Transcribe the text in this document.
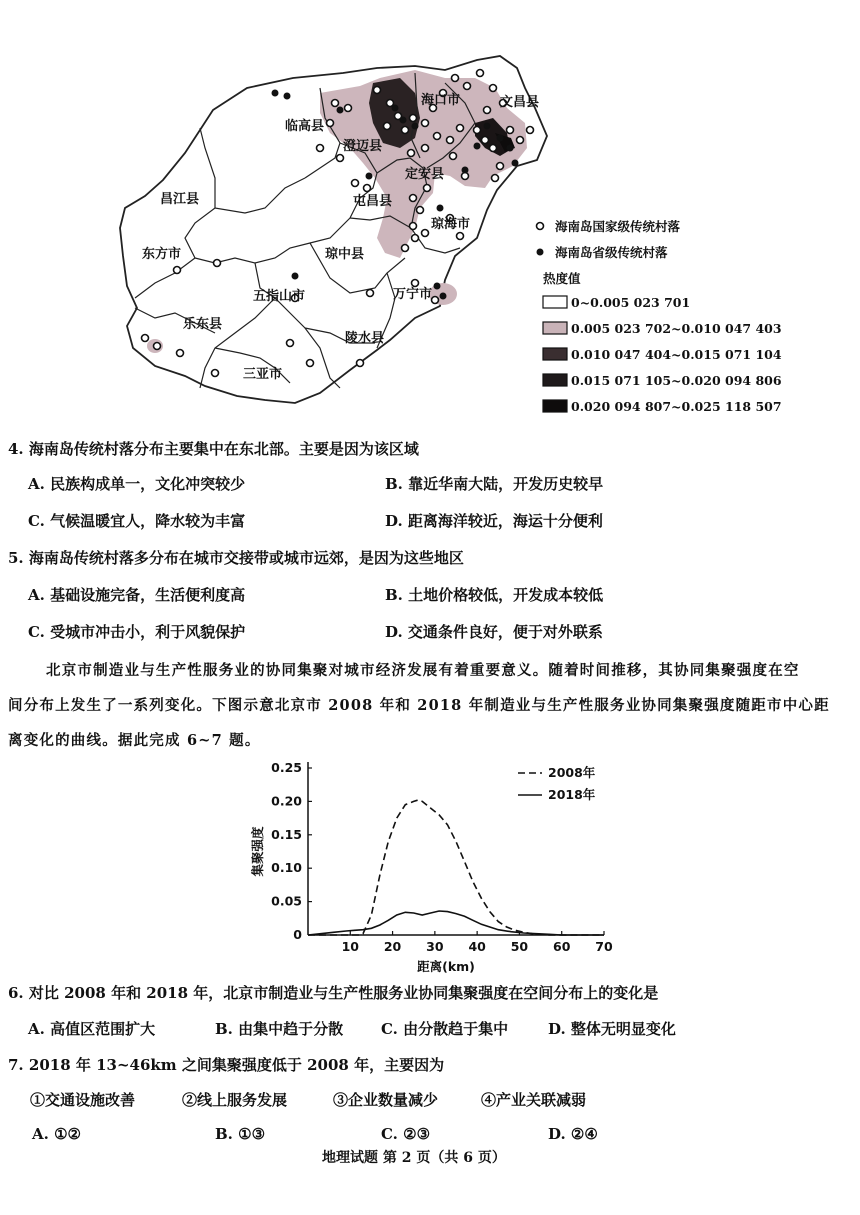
海口市	文昌县
临高县
澄迈县
定安县
屯昌县
琼海市
昌江县
东方市	琼中县
五指山市	万宁市
乐东县
陵水县
三亚市
海南岛国家级传统村落
海南岛省级传统村落
热度值
0~0.005 023 701
0.005 023 702~0.010 047 403
0.010 047 404~0.015 071 104
0.015 071 105~0.020 094 806
0.020 094 807~0.025 118 507
4. 海南岛传统村落分布主要集中在东北部。主要是因为该区域
A. 民族构成单一，文化冲突较少	B. 靠近华南大陆，开发历史较早
C. 气候温暖宜人，降水较为丰富	D. 距离海洋较近，海运十分便利
5. 海南岛传统村落多分布在城市交接带或城市远郊，是因为这些地区
A. 基础设施完备，生活便利度高	B. 土地价格较低，开发成本较低
C. 受城市冲击小，利于风貌保护	D. 交通条件良好，便于对外联系
北京市制造业与生产性服务业的协同集聚对城市经济发展有着重要意义。随着时间推移，其协同集聚强度在空
间分布上发生了一系列变化。下图示意北京市 2008 年和 2018 年制造业与生产性服务业协同集聚强度随距市中心距
离变化的曲线。据此完成 6~7 题。
0
0.05
0.10
0.15
0.20
0.25
10 20 30 40 50 60 70
距离(km)
集聚强度
2008年
2018年
6. 对比 2008 年和 2018 年，北京市制造业与生产性服务业协同集聚强度在空间分布上的变化是
A. 高值区范围扩大	B. 由集中趋于分散	C. 由分散趋于集中	D. 整体无明显变化
7. 2018 年 13~46km 之间集聚强度低于 2008 年，主要因为
①交通设施改善	②线上服务发展	③企业数量减少	④产业关联减弱
A. ①②	B. ①③	C. ②③	D. ②④
地理试题 第 2 页（共 6 页）
